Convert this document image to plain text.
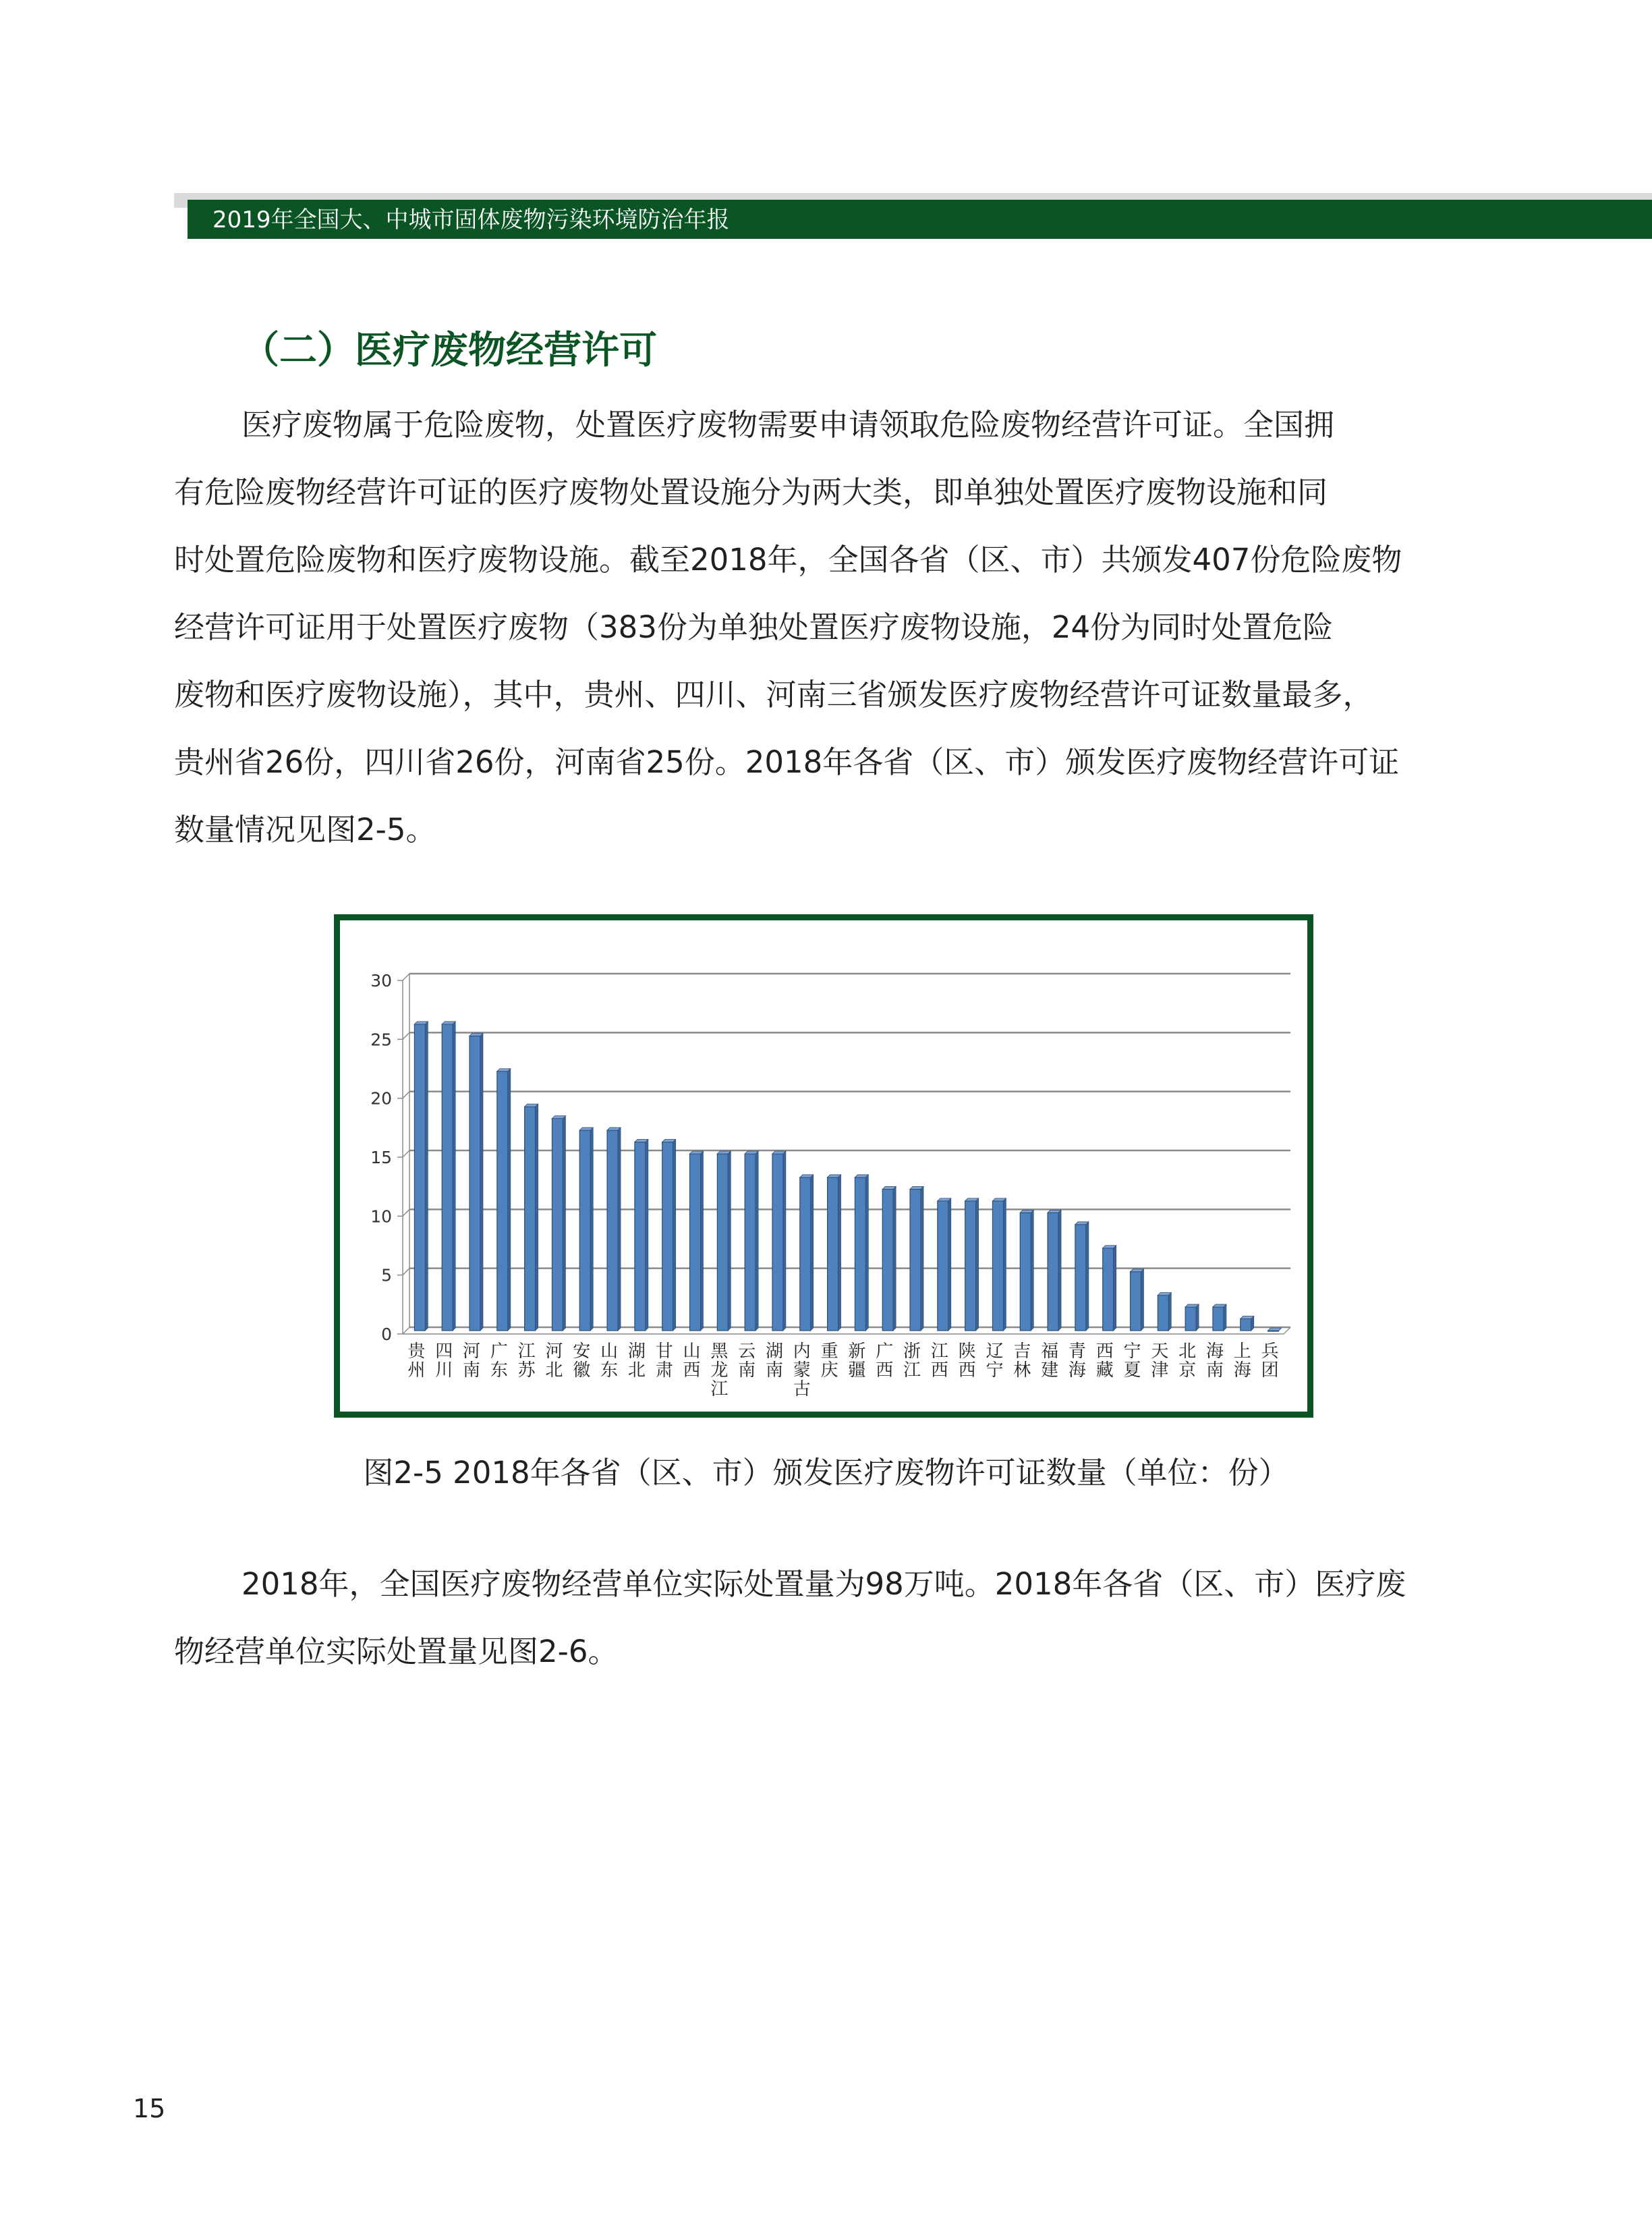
2019年全国大、中城市固体废物污染环境防治年报
（二）医疗废物经营许可
医疗废物属于危险废物，处置医疗废物需要申请领取危险废物经营许可证。全国拥
有危险废物经营许可证的医疗废物处置设施分为两大类，即单独处置医疗废物设施和同
时处置危险废物和医疗废物设施。截至2018年，全国各省（区、市）共颁发407份危险废物
经营许可证用于处置医疗废物（383份为单独处置医疗废物设施，24份为同时处置危险
废物和医疗废物设施），其中，贵州、四川、河南三省颁发医疗废物经营许可证数量最多，
贵州省26份，四川省26份，河南省25份。2018年各省（区、市）颁发医疗废物经营许可证
数量情况见图2-5。
0
5
10
15
20
25
30
贵州
四川
河南
广东
江苏
河北
安徽
山东
湖北
甘肃
山西
黑龙江
云南
湖南
内蒙古
重庆
新疆
广西
浙江
江西
陕西
辽宁
吉林
福建
青海
西藏
宁夏
天津
北京
海南
上海
兵团
图2-5 2018年各省（区、市）颁发医疗废物许可证数量（单位：份）
2018年，全国医疗废物经营单位实际处置量为98万吨。2018年各省（区、市）医疗废
物经营单位实际处置量见图2-6。
15
